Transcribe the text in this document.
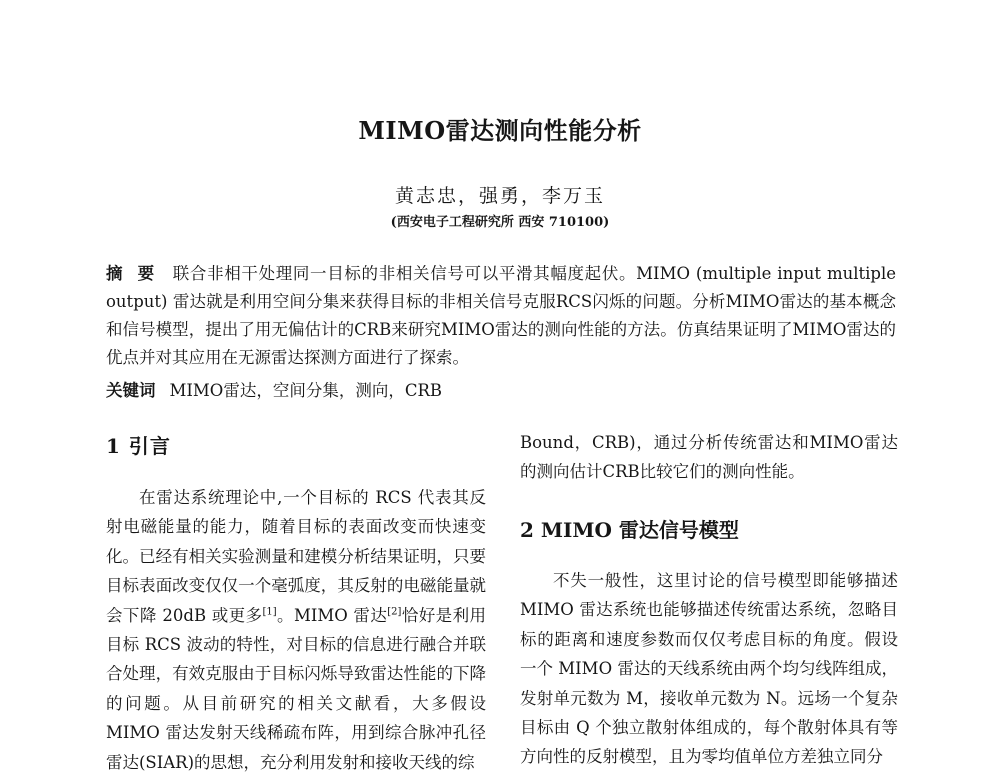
MIMO雷达测向性能分析
黄志忠，强勇，李万玉
(西安电子工程研究所 西安 710100)

摘 要 联合非相干处理同一目标的非相关信号可以平滑其幅度起伏。MIMO (multiple input multiple output) 雷达就是利用空间分集来获得目标的非相关信号克服RCS闪烁的问题。分析MIMO雷达的基本概念和信号模型，提出了用无偏估计的CRB来研究MIMO雷达的测向性能的方法。仿真结果证明了MIMO雷达的优点并对其应用在无源雷达探测方面进行了探索。

关键词 MIMO雷达，空间分集，测向，CRB

1 引言

在雷达系统理论中,一个目标的 RCS 代表其反射电磁能量的能力，随着目标的表面改变而快速变化。已经有相关实验测量和建模分析结果证明，只要目标表面改变仅仅一个毫弧度，其反射的电磁能量就会下降 20dB 或更多[1]。MIMO 雷达[2]恰好是利用目标 RCS 波动的特性，对目标的信息进行融合并联合处理，有效克服由于目标闪烁导致雷达性能的下降的问题。从目前研究的相关文献看，大多假设 MIMO 雷达发射天线稀疏布阵，用到综合脉冲孔径雷达(SIAR)的思想，充分利用发射和接收天线的综

Bound，CRB)，通过分析传统雷达和MIMO雷达的测向估计CRB比较它们的测向性能。

2 MIMO 雷达信号模型

不失一般性，这里讨论的信号模型即能够描述 MIMO 雷达系统也能够描述传统雷达系统，忽略目标的距离和速度参数而仅仅考虑目标的角度。假设一个 MIMO 雷达的天线系统由两个均匀线阵组成，发射单元数为 M，接收单元数为 N。远场一个复杂目标由 Q 个独立散射体组成的，每个散射体具有等方向性的反射模型，且为零均值单位方差独立同分
